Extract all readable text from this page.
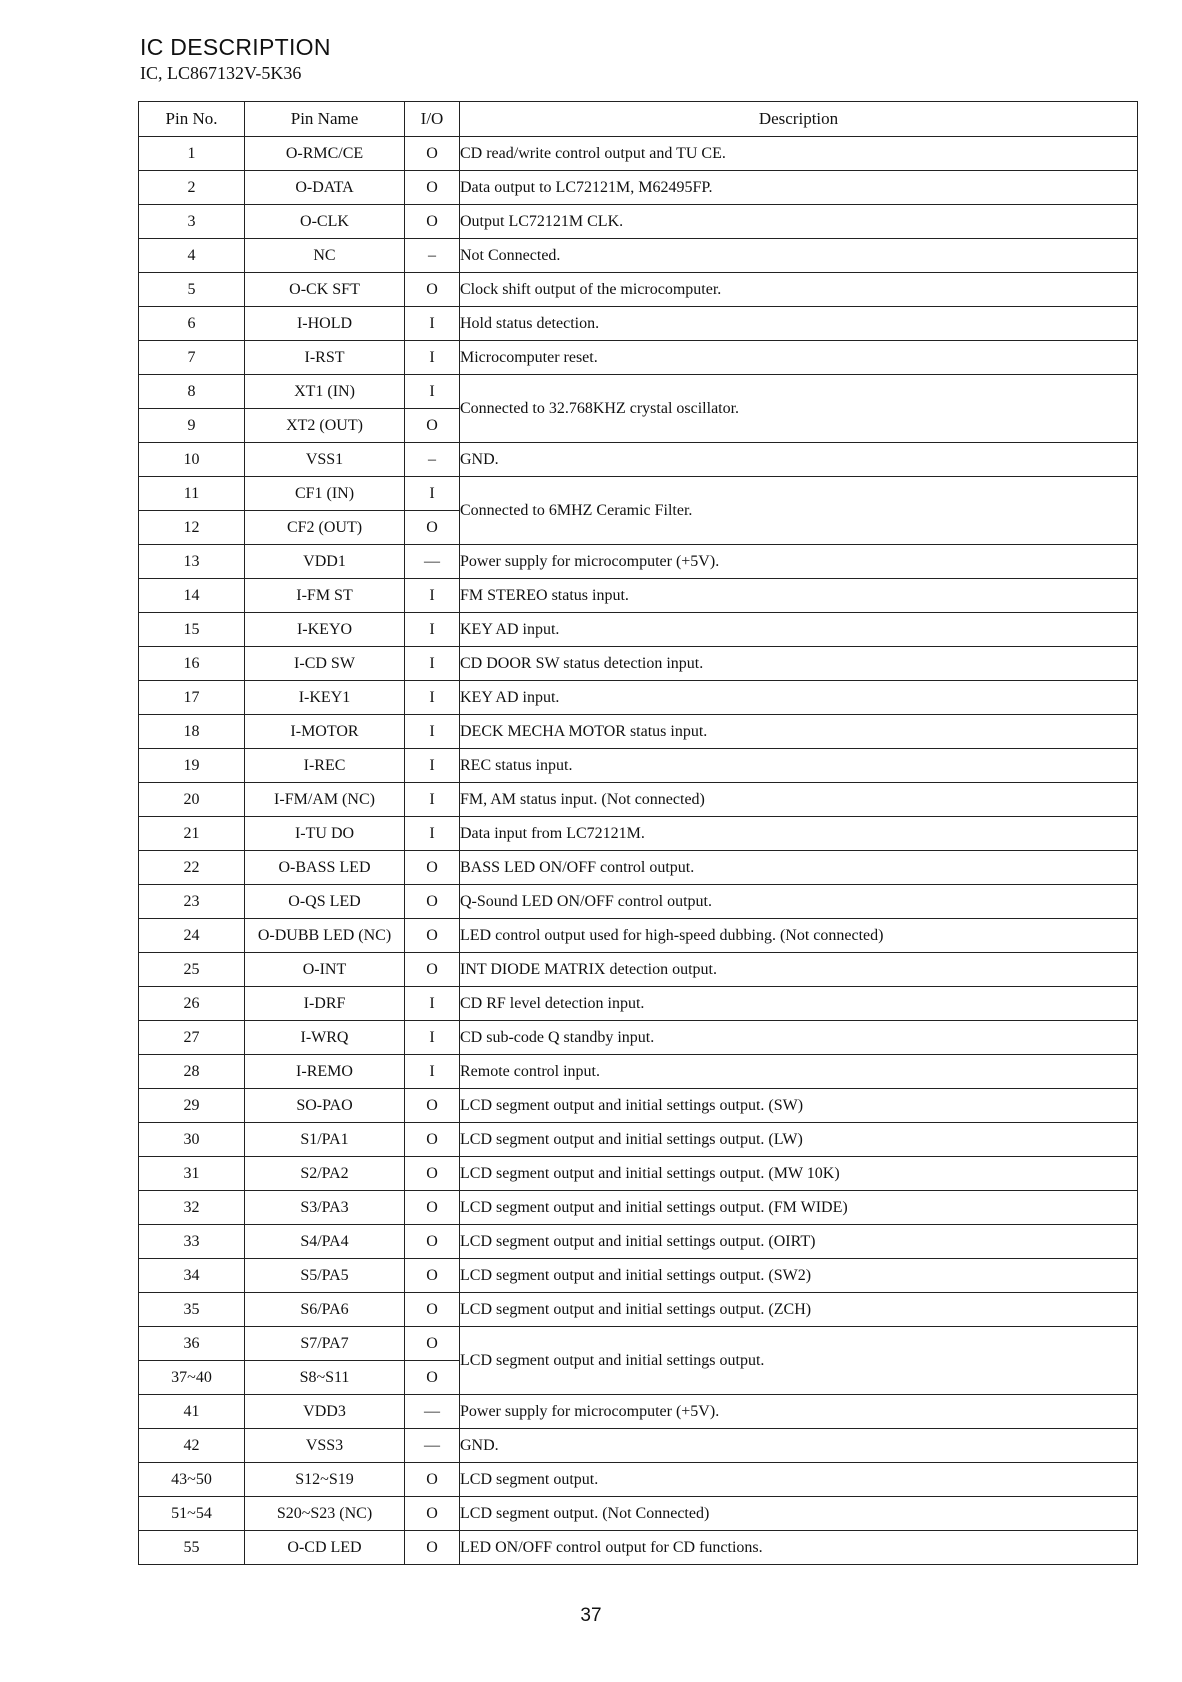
IC DESCRIPTION
IC, LC867132V-5K36
Pin No.	Pin Name	I/O	Description
1	O-RMC/CE	O	CD read/write control output and TU CE.
2	O-DATA	O	Data output to LC72121M, M62495FP.
3	O-CLK	O	Output LC72121M CLK.
4	NC	–	Not Connected.
5	O-CK SFT	O	Clock shift output of the microcomputer.
6	I-HOLD	I	Hold status detection.
7	I-RST	I	Microcomputer reset.
8	XT1 (IN)	I	Connected to 32.768KHZ crystal oscillator.
9	XT2 (OUT)	O	
10	VSS1	–	GND.
11	CF1 (IN)	I	Connected to 6MHZ Ceramic Filter.
12	CF2 (OUT)	O	
13	VDD1	—	Power supply for microcomputer (+5V).
14	I-FM ST	I	FM STEREO status input.
15	I-KEYO	I	KEY AD input.
16	I-CD SW	I	CD DOOR SW status detection input.
17	I-KEY1	I	KEY AD input.
18	I-MOTOR	I	DECK MECHA MOTOR status input.
19	I-REC	I	REC status input.
20	I-FM/AM (NC)	I	FM, AM status input. (Not connected)
21	I-TU DO	I	Data input from LC72121M.
22	O-BASS LED	O	BASS LED ON/OFF control output.
23	O-QS LED	O	Q-Sound LED ON/OFF control output.
24	O-DUBB LED (NC)	O	LED control output used for high-speed dubbing. (Not connected)
25	O-INT	O	INT DIODE MATRIX detection output.
26	I-DRF	I	CD RF level detection input.
27	I-WRQ	I	CD sub-code Q standby input.
28	I-REMO	I	Remote control input.
29	SO-PAO	O	LCD segment output and initial settings output. (SW)
30	S1/PA1	O	LCD segment output and initial settings output. (LW)
31	S2/PA2	O	LCD segment output and initial settings output. (MW 10K)
32	S3/PA3	O	LCD segment output and initial settings output. (FM WIDE)
33	S4/PA4	O	LCD segment output and initial settings output. (OIRT)
34	S5/PA5	O	LCD segment output and initial settings output. (SW2)
35	S6/PA6	O	LCD segment output and initial settings output. (ZCH)
36	S7/PA7	O	LCD segment output and initial settings output.
37~40	S8~S11	O	
41	VDD3	—	Power supply for microcomputer (+5V).
42	VSS3	—	GND.
43~50	S12~S19	O	LCD segment output.
51~54	S20~S23 (NC)	O	LCD segment output. (Not Connected)
55	O-CD LED	O	LED ON/OFF control output for CD functions.
37
